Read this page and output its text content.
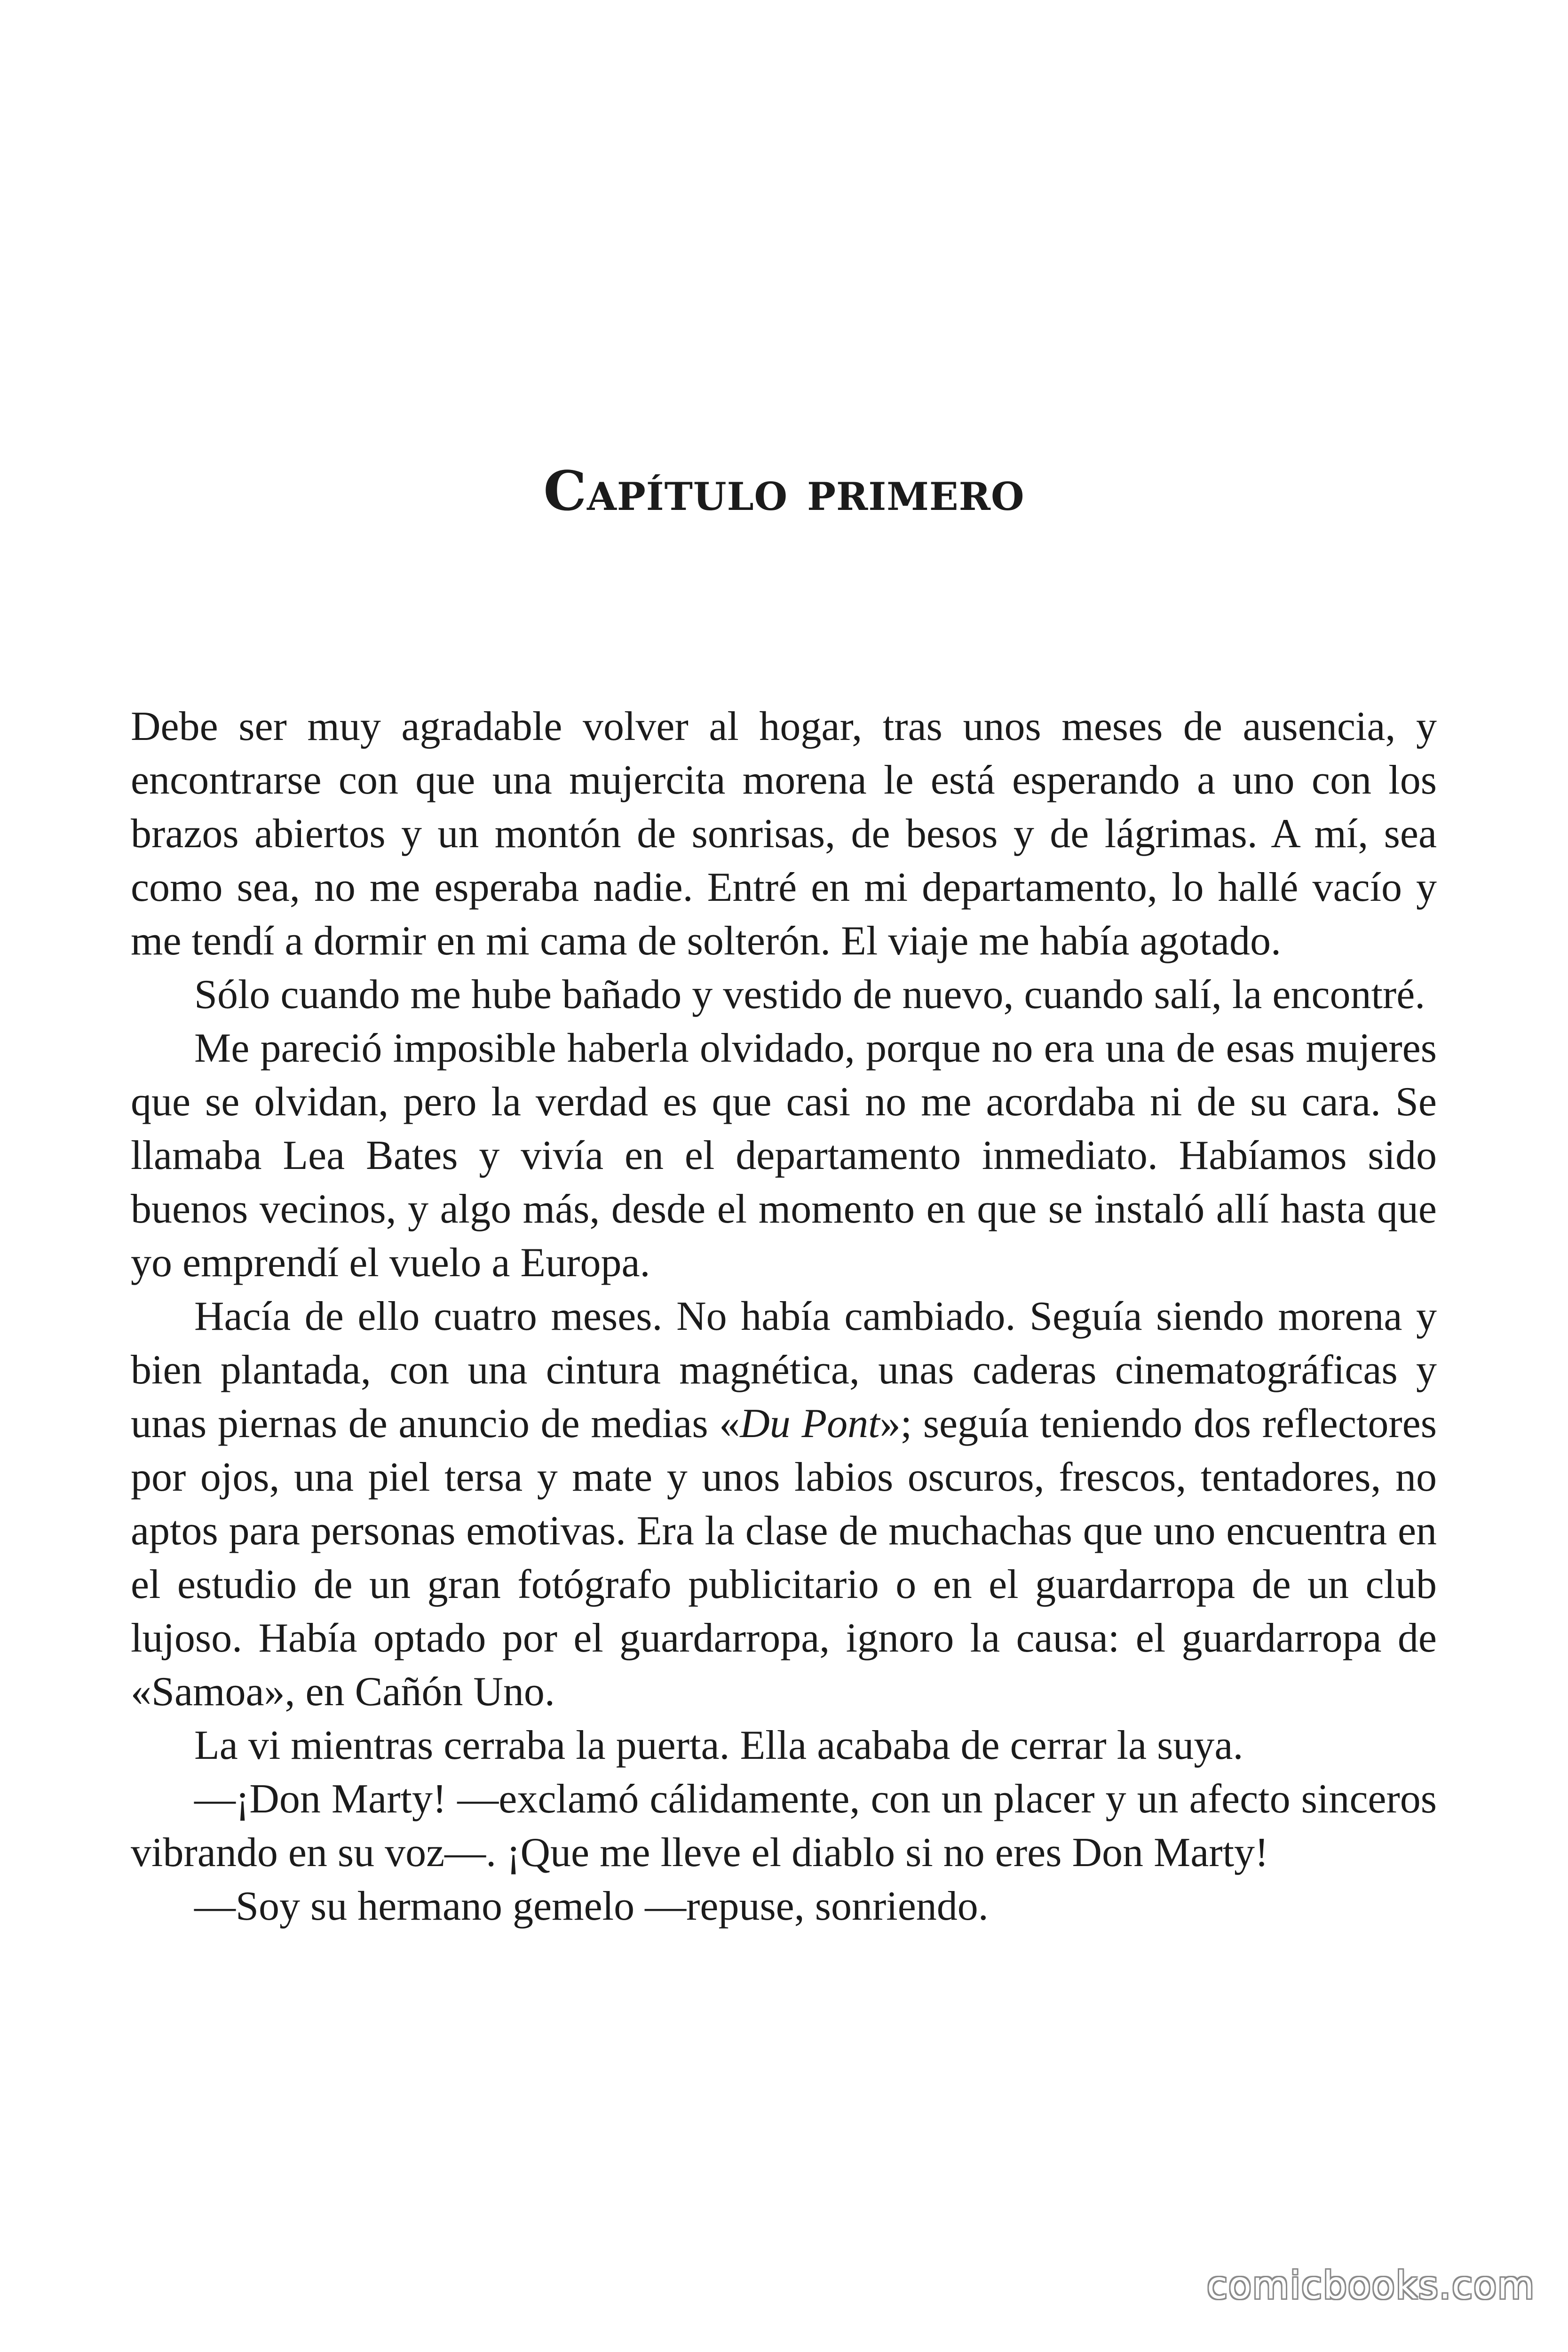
Capítulo primero

Debe ser muy agradable volver al hogar, tras unos meses de ausencia, y encontrarse con que una mujercita morena le está esperando a uno con los brazos abiertos y un montón de sonrisas, de besos y de lágrimas. A mí, sea como sea, no me esperaba nadie. Entré en mi departamento, lo hallé vacío y me tendí a dormir en mi cama de solterón. El viaje me había agotado.

Sólo cuando me hube bañado y vestido de nuevo, cuando salí, la encontré.

Me pareció imposible haberla olvidado, porque no era una de esas mujeres que se olvidan, pero la verdad es que casi no me acordaba ni de su cara. Se llamaba Lea Bates y vivía en el departamento inmediato. Habíamos sido buenos vecinos, y algo más, desde el momento en que se instaló allí hasta que yo emprendí el vuelo a Europa.

Hacía de ello cuatro meses. No había cambiado. Seguía siendo morena y bien plantada, con una cintura magnética, unas caderas cinematográficas y unas piernas de anuncio de medias «Du Pont»; seguía teniendo dos reflectores por ojos, una piel tersa y mate y unos labios oscuros, frescos, tentadores, no aptos para personas emotivas. Era la clase de muchachas que uno encuentra en el estudio de un gran fotógrafo publicitario o en el guardarropa de un club lujoso. Había optado por el guardarropa, ignoro la causa: el guardarropa de «Samoa», en Cañón Uno.

La vi mientras cerraba la puerta. Ella acababa de cerrar la suya.

—¡Don Marty! —exclamó cálidamente, con un placer y un afecto sinceros vibrando en su voz—. ¡Que me lleve el diablo si no eres Don Marty!

—Soy su hermano gemelo —repuse, sonriendo.

comicbooks.com
